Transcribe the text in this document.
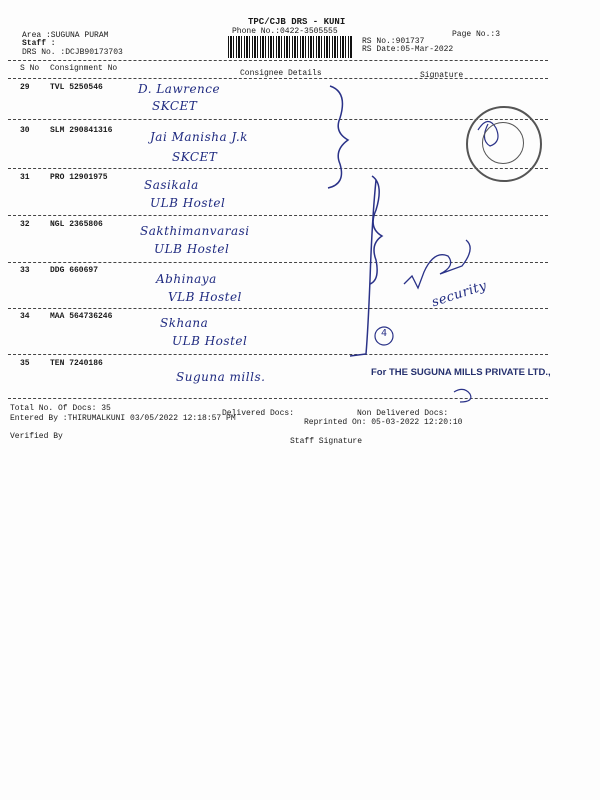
TPC/CJB DRS - KUNI
Phone No.:0422-3505555	Page No.:3
Area :SUGUNA PURAM
Staff :
DRS No. :DCJB90173703
RS No.:901737
RS Date:05-Mar-2022
S No Consignment No
Consignee Details	Signature
29	TVL 5250546	D. Lawrence
SKCET
30	SLM 290841316	Jai Manisha J.k
SKCET
31	PRO 12901975
Sasikala
ULB Hostel
32	NGL 2365806	Sakthimanvarasi
ULB Hostel
33	DDG 660697
Abhinaya
VLB Hostel
34	MAA 564736246	Skhana
ULB Hostel
35	TEN 7240186
Suguna mills.
4
security
For THE SUGUNA MILLS PRIVATE LTD.,
Total No. Of Docs: 35
Delivered Docs:	Non Delivered Docs:
Entered By :THIRUMALKUNI 03/05/2022 12:18:57 PM	Reprinted On: 05-03-2022 12:20:10
Verified By
Staff Signature
